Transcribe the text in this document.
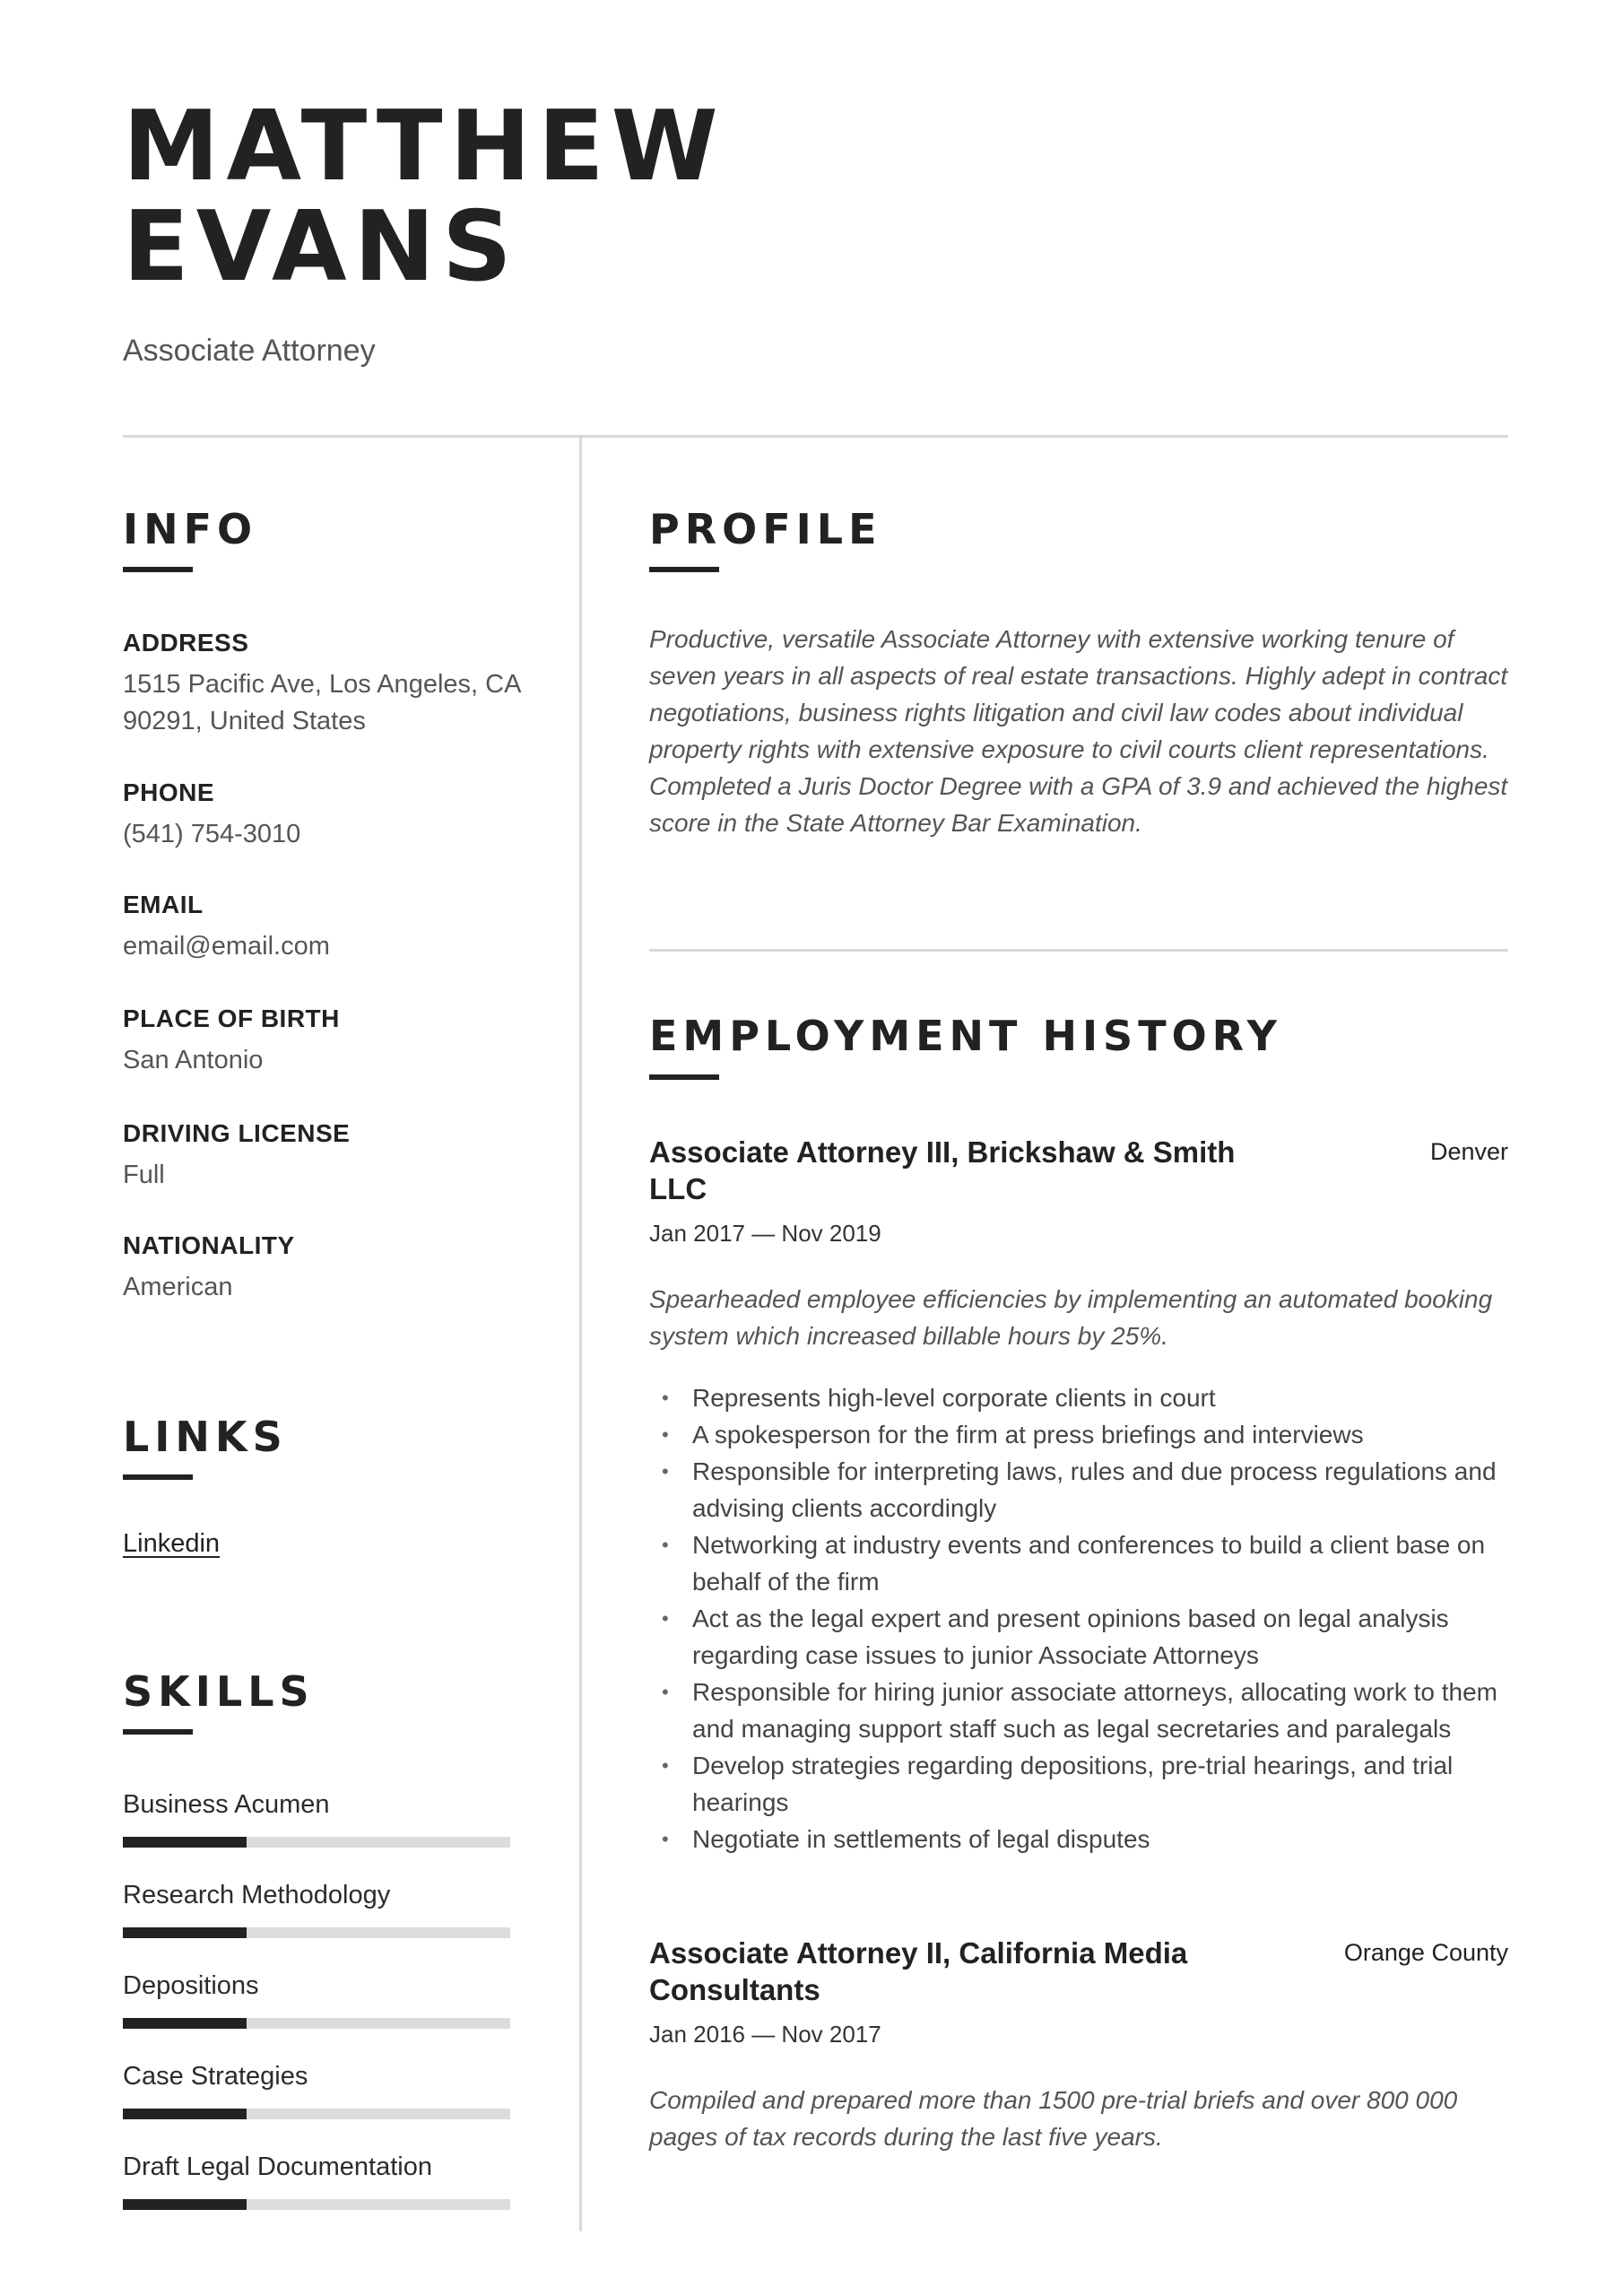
MATTHEW
EVANS

Associate Attorney

INFO
ADDRESS
1515 Pacific Ave, Los Angeles, CA
90291, United States
PHONE
(541) 754-3010
EMAIL
email@email.com
PLACE OF BIRTH
San Antonio
DRIVING LICENSE
Full
NATIONALITY
American
LINKS
Linkedin
SKILLS
Business Acumen
Research Methodology
Depositions
Case Strategies
Draft Legal Documentation
PROFILE

Productive, versatile Associate Attorney with extensive working tenure of seven years in all aspects of real estate transactions. Highly adept in contract negotiations, business rights litigation and civil law codes about individual property rights with extensive exposure to civil courts client representations. Completed a Juris Doctor Degree with a GPA of 3.9 and achieved the highest score in the State Attorney Bar Examination.

EMPLOYMENT HISTORY
Associate Attorney III, Brickshaw & Smith LLC
Denver
Jan 2017 — Nov 2019

Spearheaded employee efficiencies by implementing an automated booking system which increased billable hours by 25%.

• Represents high-level corporate clients in court
• A spokesperson for the firm at press briefings and interviews
• Responsible for interpreting laws, rules and due process regulations and advising clients accordingly
• Networking at industry events and conferences to build a client base on behalf of the firm
• Act as the legal expert and present opinions based on legal analysis regarding case issues to junior Associate Attorneys
• Responsible for hiring junior associate attorneys, allocating work to them and managing support staff such as legal secretaries and paralegals
• Develop strategies regarding depositions, pre-trial hearings, and trial hearings
• Negotiate in settlements of legal disputes
Associate Attorney II, California Media Consultants
Orange County
Jan 2016 — Nov 2017

Compiled and prepared more than 1500 pre-trial briefs and over 800 000 pages of tax records during the last five years.
